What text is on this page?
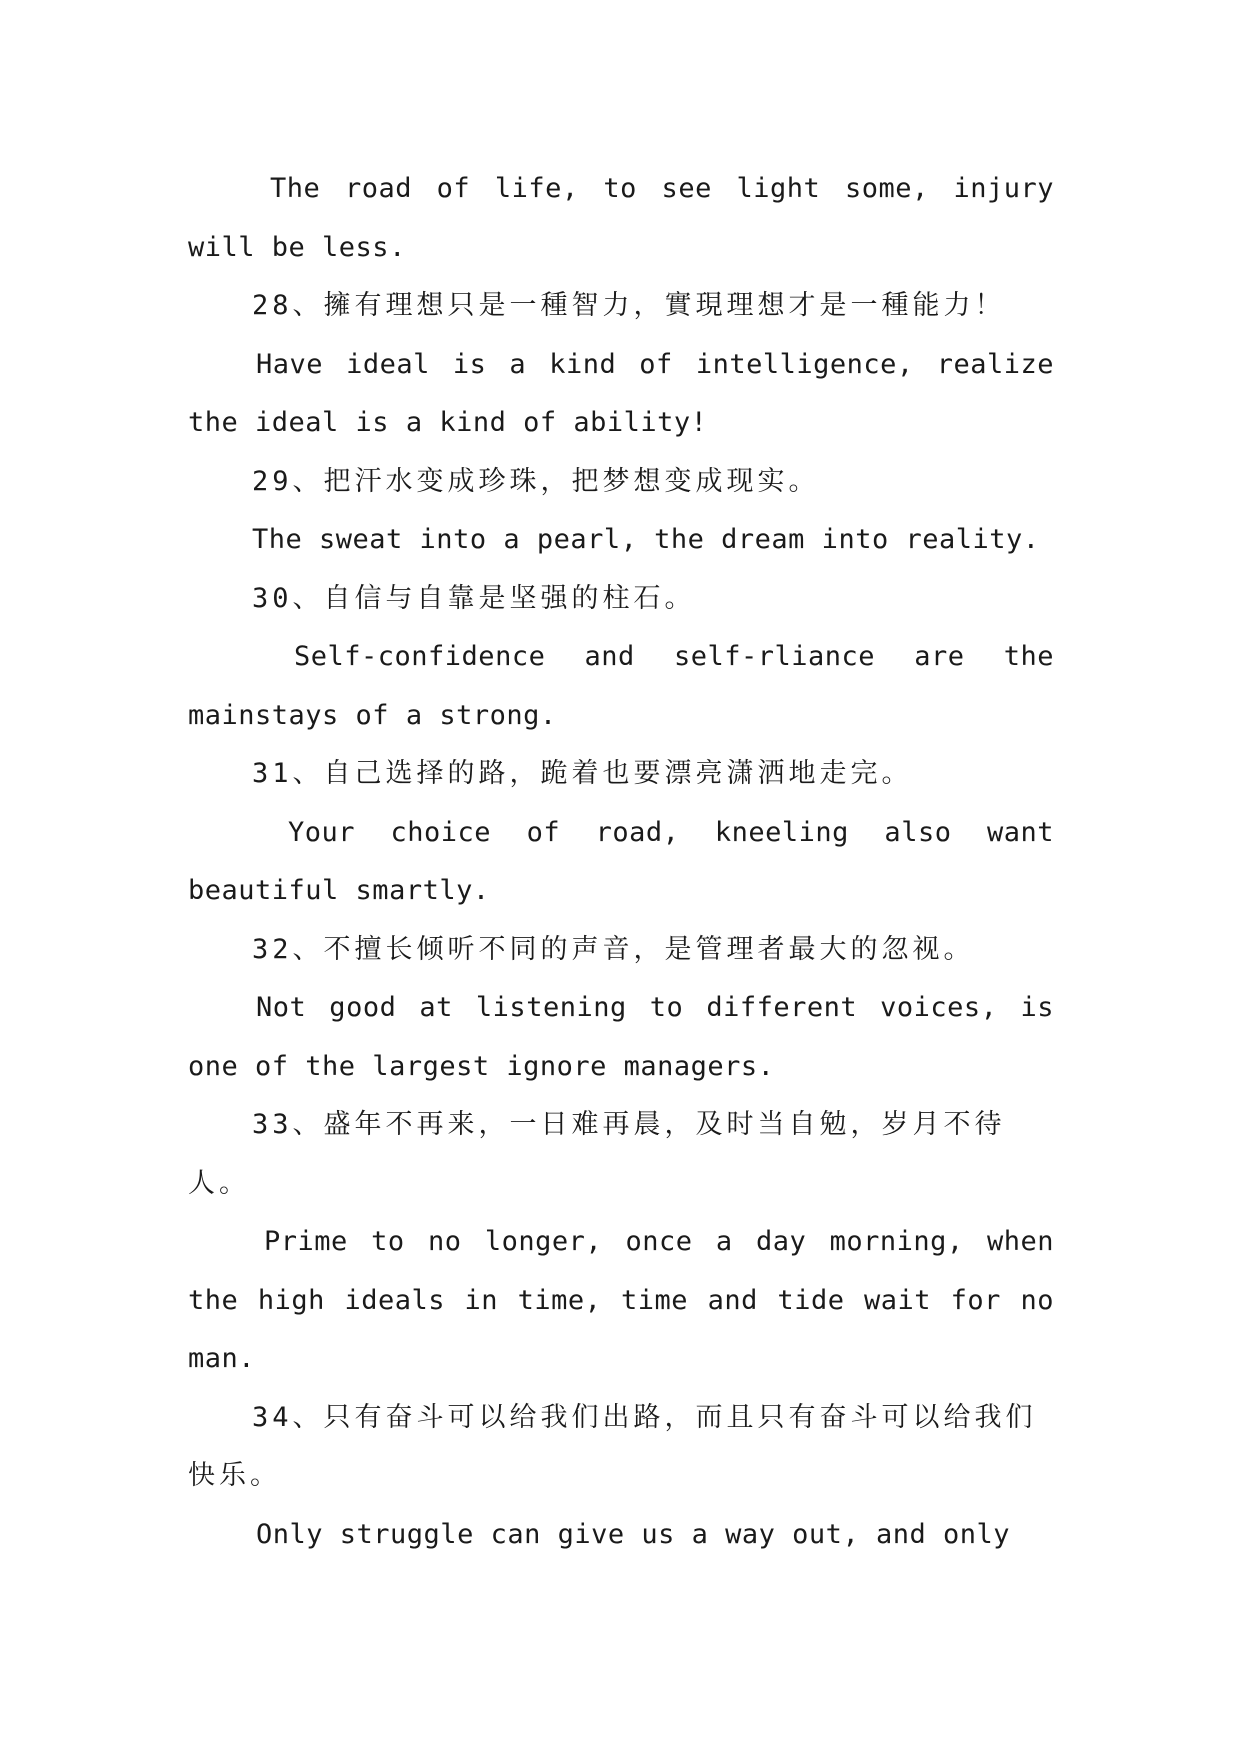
The road of life, to see light some, injury will be less.

28、擁有理想只是一種智力，實現理想才是一種能力！

Have ideal is a kind of intelligence, realize the ideal is a kind of ability!

29、把汗水变成珍珠，把梦想变成现实。

The sweat into a pearl, the dream into reality.

30、自信与自靠是坚强的柱石。

Self-confidence and self-rliance are the mainstays of a strong.

31、自己选择的路，跪着也要漂亮潇洒地走完。

Your choice of road, kneeling also want beautiful smartly.

32、不擅长倾听不同的声音，是管理者最大的忽视。

Not good at listening to different voices, is one of the largest ignore managers.

33、盛年不再来，一日难再晨，及时当自勉，岁月不待人。

Prime to no longer, once a day morning, when the high ideals in time, time and tide wait for no man.

34、只有奋斗可以给我们出路，而且只有奋斗可以给我们快乐。

Only struggle can give us a way out, and only
